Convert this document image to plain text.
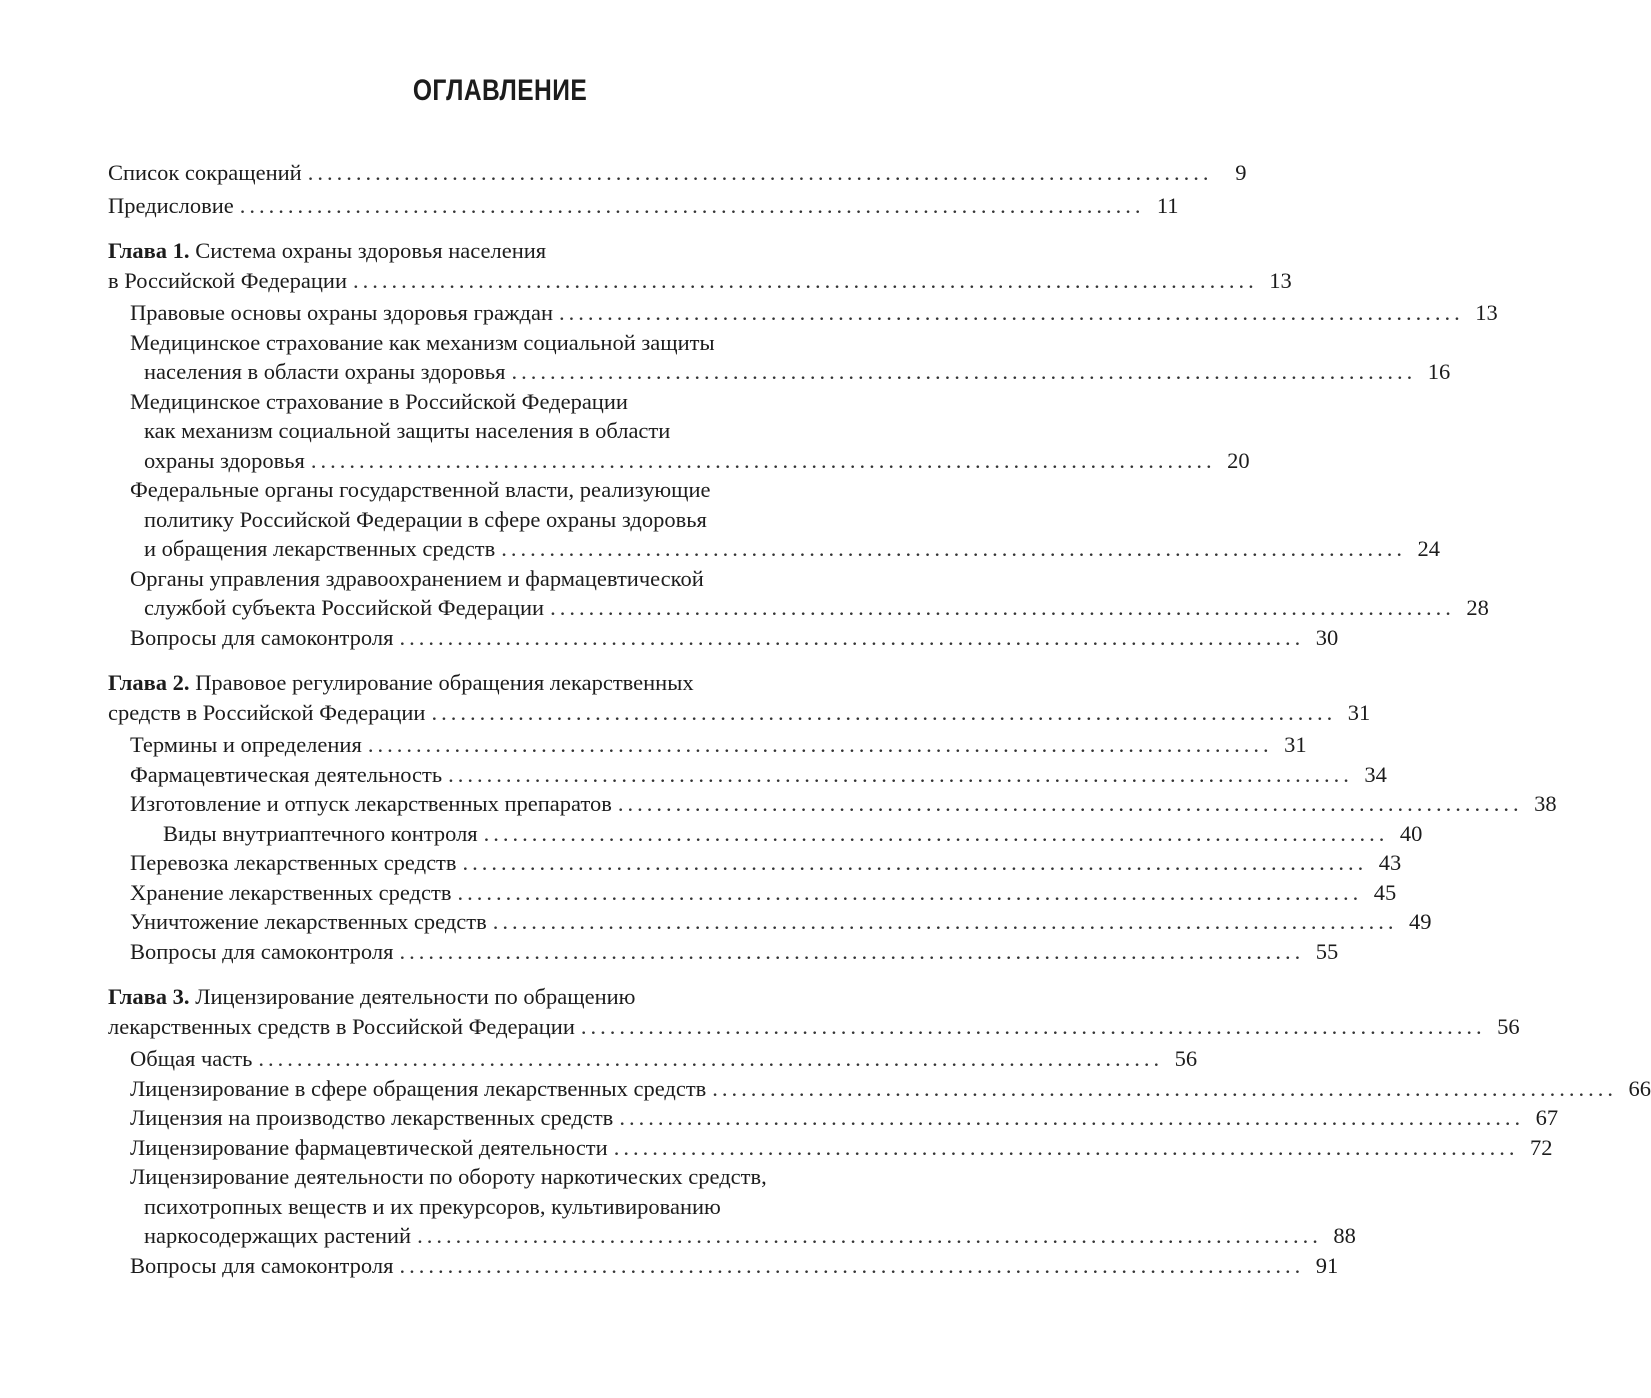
ОГЛАВЛЕНИЕ
Список сокращений ..............................................................................................	9
Предисловие .............................................................................................. 11
Глава 1. Система охраны здоровья населения
в Российской Федерации .............................................................................................. 13
Правовые основы охраны здоровья граждан .............................................................................................. 13
Медицинское страхование как механизм социальной защиты
населения в области охраны здоровья .............................................................................................. 16
Медицинское страхование в Российской Федерации
как механизм социальной защиты населения в области
охраны здоровья .............................................................................................. 20
Федеральные органы государственной власти, реализующие
политику Российской Федерации в сфере охраны здоровья
и обращения лекарственных средств .............................................................................................. 24
Органы управления здравоохранением и фармацевтической
службой субъекта Российской Федерации .............................................................................................. 28
Вопросы для самоконтроля .............................................................................................. 30
Глава 2. Правовое регулирование обращения лекарственных
средств в Российской Федерации .............................................................................................. 31
Термины и определения .............................................................................................. 31
Фармацевтическая деятельность .............................................................................................. 34
Изготовление и отпуск лекарственных препаратов .............................................................................................. 38
Виды внутриаптечного контроля .............................................................................................. 40
Перевозка лекарственных средств .............................................................................................. 43
Хранение лекарственных средств .............................................................................................. 45
Уничтожение лекарственных средств .............................................................................................. 49
Вопросы для самоконтроля .............................................................................................. 55
Глава 3. Лицензирование деятельности по обращению
лекарственных средств в Российской Федерации .............................................................................................. 56
Общая часть .............................................................................................. 56
Лицензирование в сфере обращения лекарственных средств .............................................................................................. 66
Лицензия на производство лекарственных средств .............................................................................................. 67
Лицензирование фармацевтической деятельности .............................................................................................. 72
Лицензирование деятельности по обороту наркотических средств,
психотропных веществ и их прекурсоров, культивированию
наркосодержащих растений .............................................................................................. 88
Вопросы для самоконтроля .............................................................................................. 91
